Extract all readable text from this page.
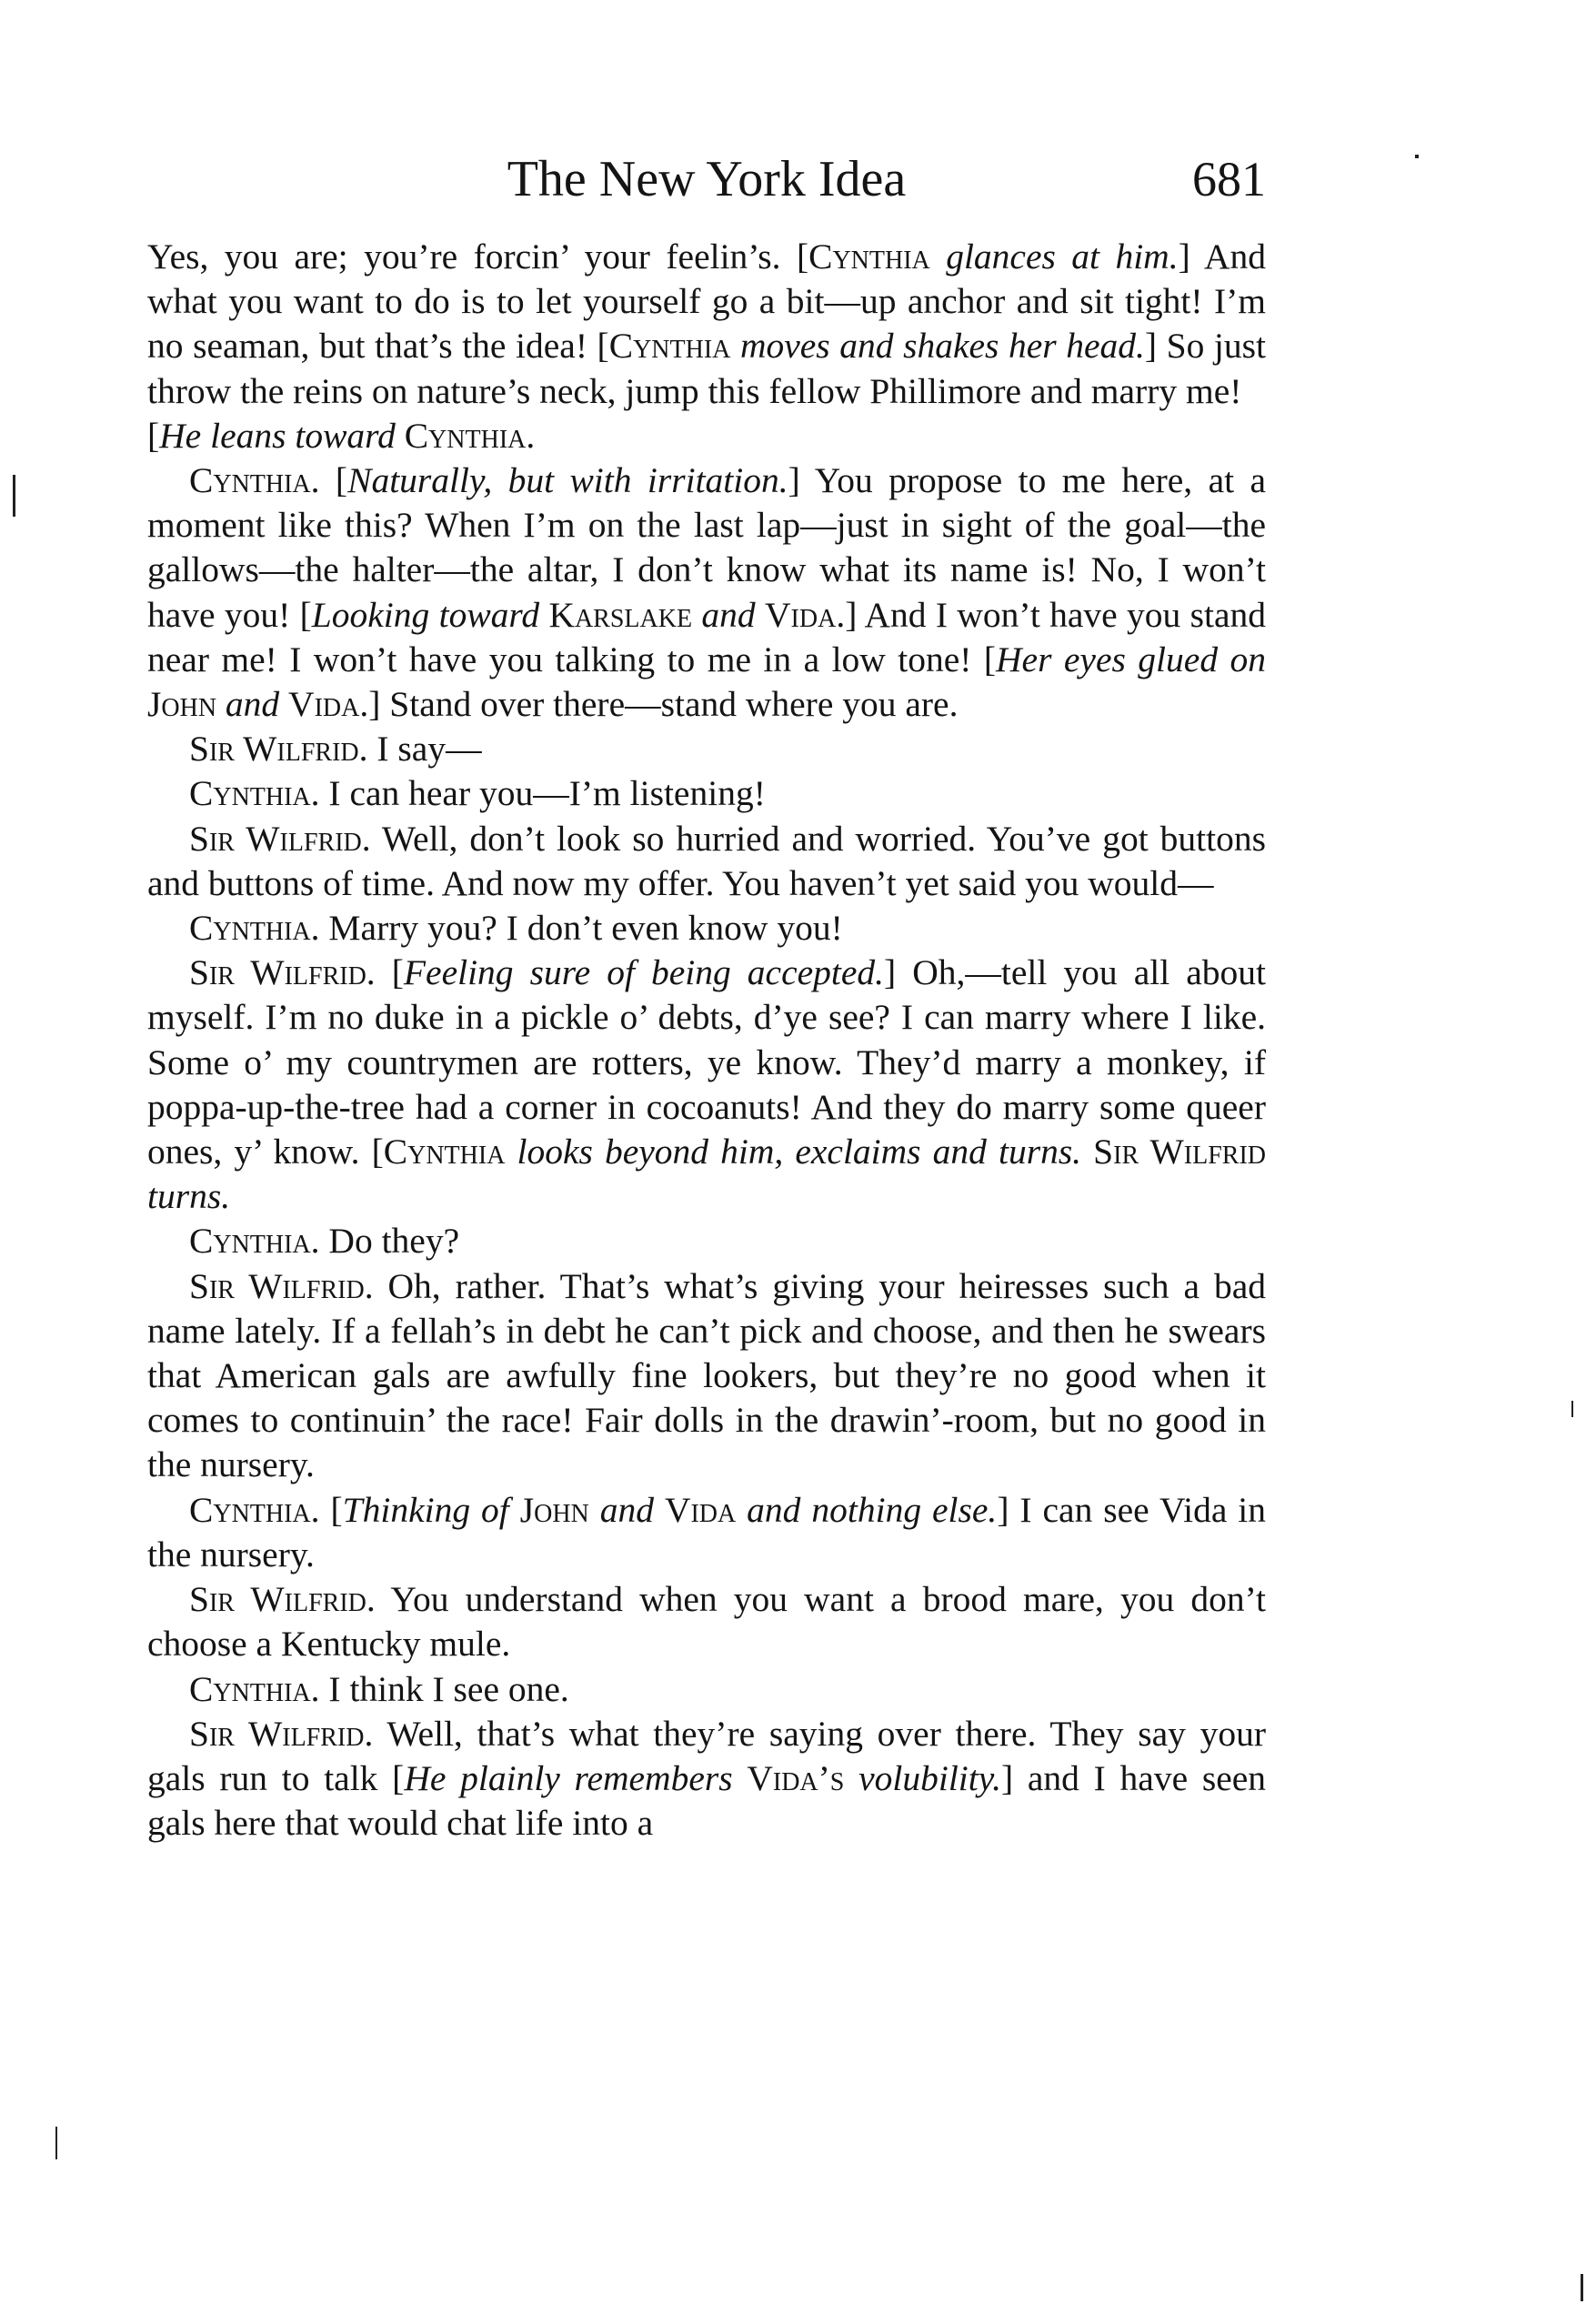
The New York Idea	681

Yes, you are; you’re forcin’ your feelin’s. [Cynthia glances at him.] And what you want to do is to let yourself go a bit—up anchor and sit tight! I’m no seaman, but that’s the idea! [Cynthia moves and shakes her head.] So just throw the reins on nature’s neck, jump this fellow Phillimore and marry me!

[He leans toward Cynthia.

Cynthia. [Naturally, but with irritation.] You propose to me here, at a moment like this? When I’m on the last lap—just in sight of the goal—the gallows—the halter—the altar, I don’t know what its name is! No, I won’t have you! [Looking toward Karslake and Vida.] And I won’t have you stand near me! I won’t have you talking to me in a low tone! [Her eyes glued on John and Vida.] Stand over there—stand where you are.

Sir Wilfrid. I say—

Cynthia. I can hear you—I’m listening!

Sir Wilfrid. Well, don’t look so hurried and worried. You’ve got buttons and buttons of time. And now my offer. You haven’t yet said you would—

Cynthia. Marry you? I don’t even know you!

Sir Wilfrid. [Feeling sure of being accepted.] Oh,—tell you all about myself. I’m no duke in a pickle o’ debts, d’ye see? I can marry where I like. Some o’ my countrymen are rotters, ye know. They’d marry a monkey, if poppa-up-the-tree had a corner in cocoanuts! And they do marry some queer ones, y’ know. [Cynthia looks beyond him, exclaims and turns. Sir Wilfrid turns.

Cynthia. Do they?

Sir Wilfrid. Oh, rather. That’s what’s giving your heiresses such a bad name lately. If a fellah’s in debt he can’t pick and choose, and then he swears that American gals are awfully fine lookers, but they’re no good when it comes to continuin’ the race! Fair dolls in the drawin’-room, but no good in the nursery.

Cynthia. [Thinking of John and Vida and nothing else.] I can see Vida in the nursery.

Sir Wilfrid. You understand when you want a brood mare, you don’t choose a Kentucky mule.

Cynthia. I think I see one.

Sir Wilfrid. Well, that’s what they’re saying over there. They say your gals run to talk [He plainly remembers Vida’s volubility.] and I have seen gals here that would chat life into a
